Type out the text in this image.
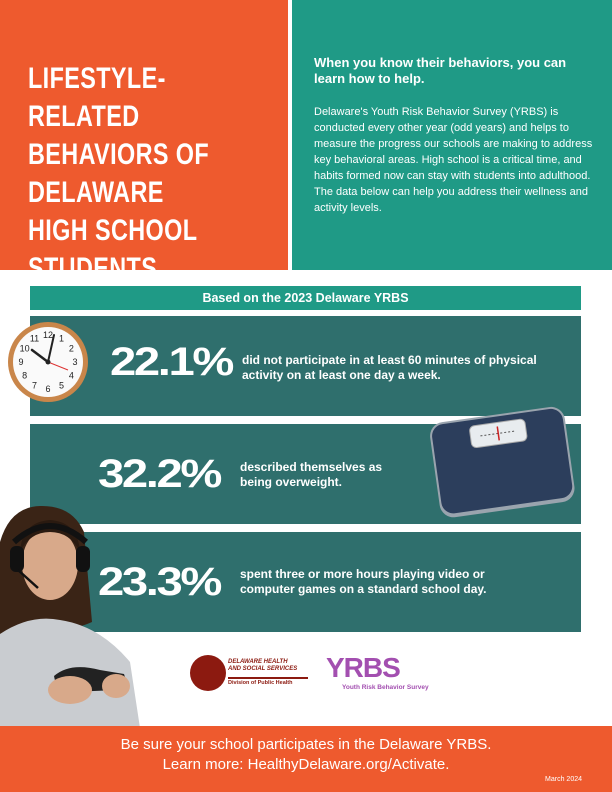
LIFESTYLE-RELATED BEHAVIORS OF DELAWARE HIGH SCHOOL STUDENTS
When you know their behaviors, you can learn how to help.
Delaware's Youth Risk Behavior Survey (YRBS) is conducted every other year (odd years) and helps to measure the progress our schools are making to address key behavioral areas. High school is a critical time, and habits formed now can stay with students into adulthood. The data below can help you address their wellness and activity levels.
Based on the 2023 Delaware YRBS
22.1% did not participate in at least 60 minutes of physical activity on at least one day a week.
32.2% described themselves as being overweight.
23.3% spent three or more hours playing video or computer games on a standard school day.
12 1
2
3
4
5
6
7
8
9
10
11
DELAWARE HEALTH
AND SOCIAL SERVICES
Division of Public Health	YRBS
Youth Risk Behavior Survey
Be sure your school participates in the Delaware YRBS.
Learn more: HealthyDelaware.org/Activate.
March 2024
